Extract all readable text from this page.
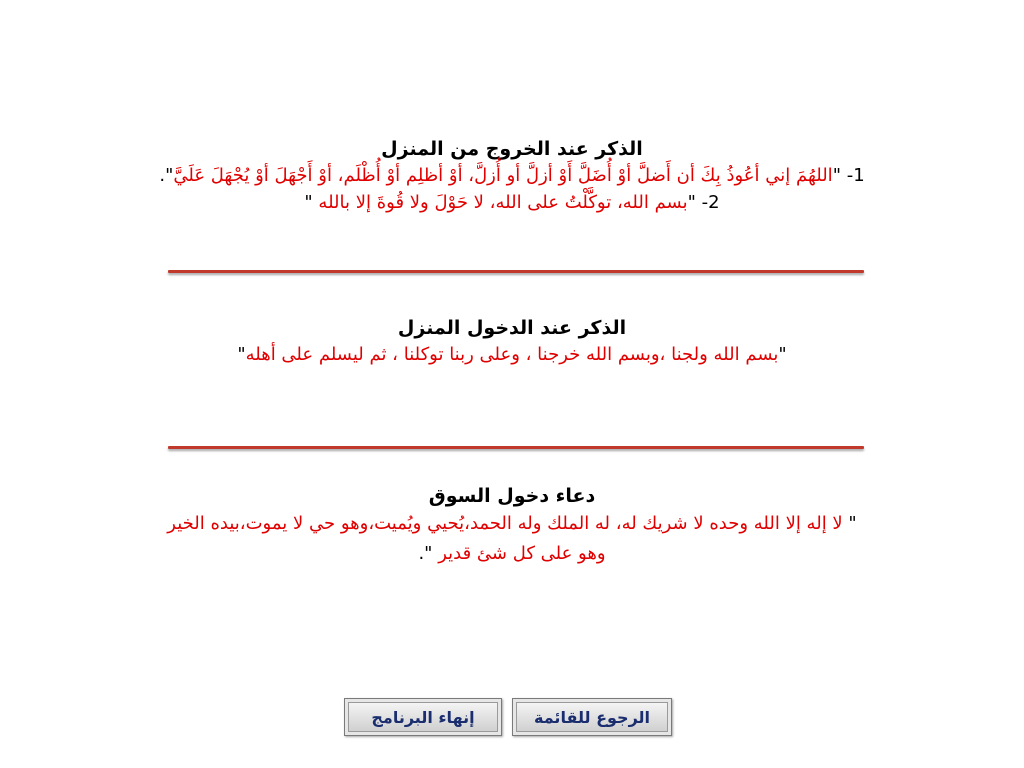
الذكر عند الخروج من المنزل

1- "اللهُمَ إني أعُوذُ بِكَ أن أَضلَّ أوْ أُضَلَّ أَوْ أزلَّ أو أُزلَّ، أوْ أظلِم أوْ أُظْلَم، أوْ أَجْهَلَ أوْ يُجْهَلَ عَلَيَّ".

2- "بسم الله، توكَّلْتُ على الله، لا حَوْلَ ولا قُوةَ إلا بالله "

الذكر عند الدخول المنزل

"بسم الله ولجنا ،وبسم الله خرجنا ، وعلى ربنا توكلنا ، ثم ليسلم على أهله"

دعاء دخول السوق

" لا إله إلا الله وحده لا شريك له، له الملك وله الحمد،يُحيي ويُميت،وهو حي لا يموت،بيده الخير
وهو على كل شئ قدير ".
إنهاء البرنامج	الرجوع للقائمة
